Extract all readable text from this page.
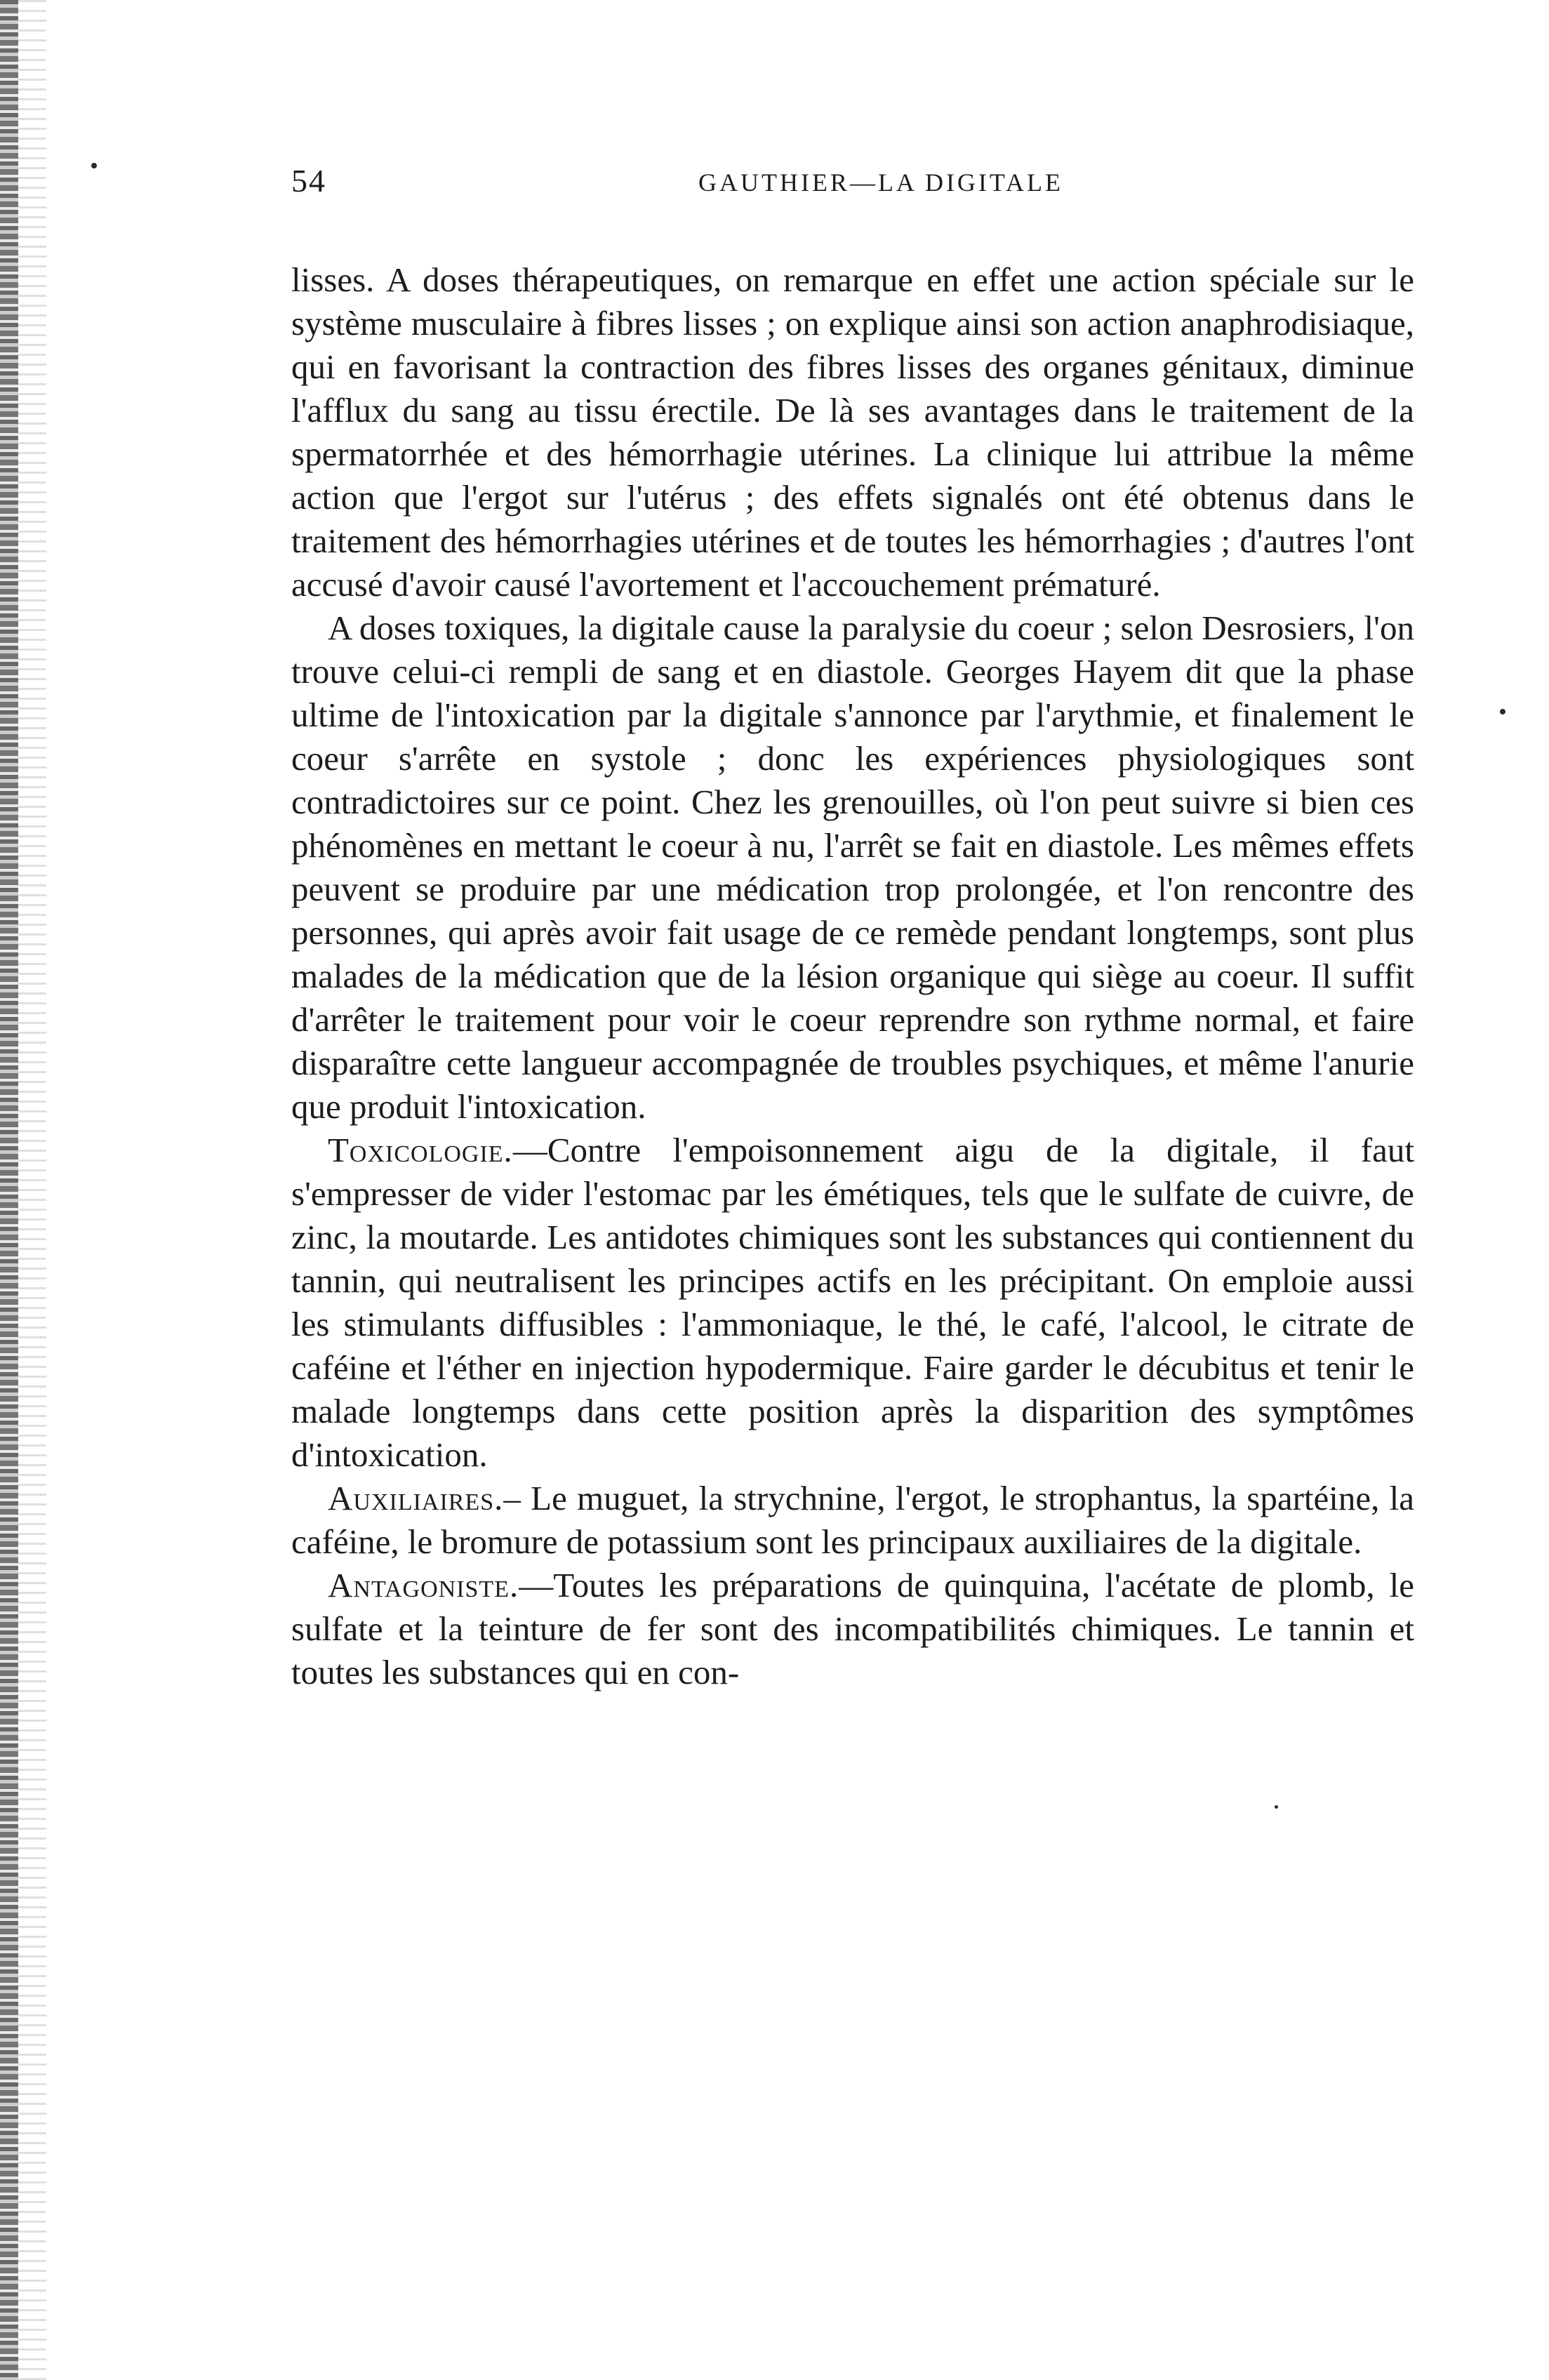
54	GAUTHIER—LA DIGITALE

lisses. A doses thérapeutiques, on remarque en effet une action spéciale sur le système musculaire à fibres lisses ; on explique ainsi son action anaphrodisiaque, qui en favorisant la contraction des fibres lisses des organes génitaux, diminue l'afflux du sang au tissu érectile. De là ses avantages dans le traitement de la spermatorrhée et des hémorrhagie utérines. La clinique lui attribue la même action que l'ergot sur l'utérus ; des effets signalés ont été obtenus dans le traitement des hémorrhagies utérines et de toutes les hémorrhagies ; d'autres l'ont accusé d'avoir causé l'avortement et l'accouchement prématuré.

A doses toxiques, la digitale cause la paralysie du coeur ; selon Desrosiers, l'on trouve celui-ci rempli de sang et en diastole. Georges Hayem dit que la phase ultime de l'intoxication par la digitale s'annonce par l'arythmie, et finalement le coeur s'arrête en systole ; donc les expériences physiologiques sont contradictoires sur ce point. Chez les grenouilles, où l'on peut suivre si bien ces phénomènes en mettant le coeur à nu, l'arrêt se fait en diastole. Les mêmes effets peuvent se produire par une médication trop prolongée, et l'on rencontre des personnes, qui après avoir fait usage de ce remède pendant longtemps, sont plus malades de la médication que de la lésion organique qui siège au coeur. Il suffit d'arrêter le traitement pour voir le coeur reprendre son rythme normal, et faire disparaître cette langueur accompagnée de troubles psychiques, et même l'anurie que produit l'intoxication.

Toxicologie.—Contre l'empoisonnement aigu de la digitale, il faut s'empresser de vider l'estomac par les émétiques, tels que le sulfate de cuivre, de zinc, la moutarde. Les antidotes chimiques sont les substances qui contiennent du tannin, qui neutralisent les principes actifs en les précipitant. On emploie aussi les stimulants diffusibles : l'ammoniaque, le thé, le café, l'alcool, le citrate de caféine et l'éther en injection hypodermique. Faire garder le décubitus et tenir le malade longtemps dans cette position après la disparition des symptômes d'intoxication.

Auxiliaires.– Le muguet, la strychnine, l'ergot, le strophantus, la spartéine, la caféine, le bromure de potassium sont les principaux auxiliaires de la digitale.

Antagoniste.—Toutes les préparations de quinquina, l'acétate de plomb, le sulfate et la teinture de fer sont des incompatibilités chimiques. Le tannin et toutes les substances qui en con-
